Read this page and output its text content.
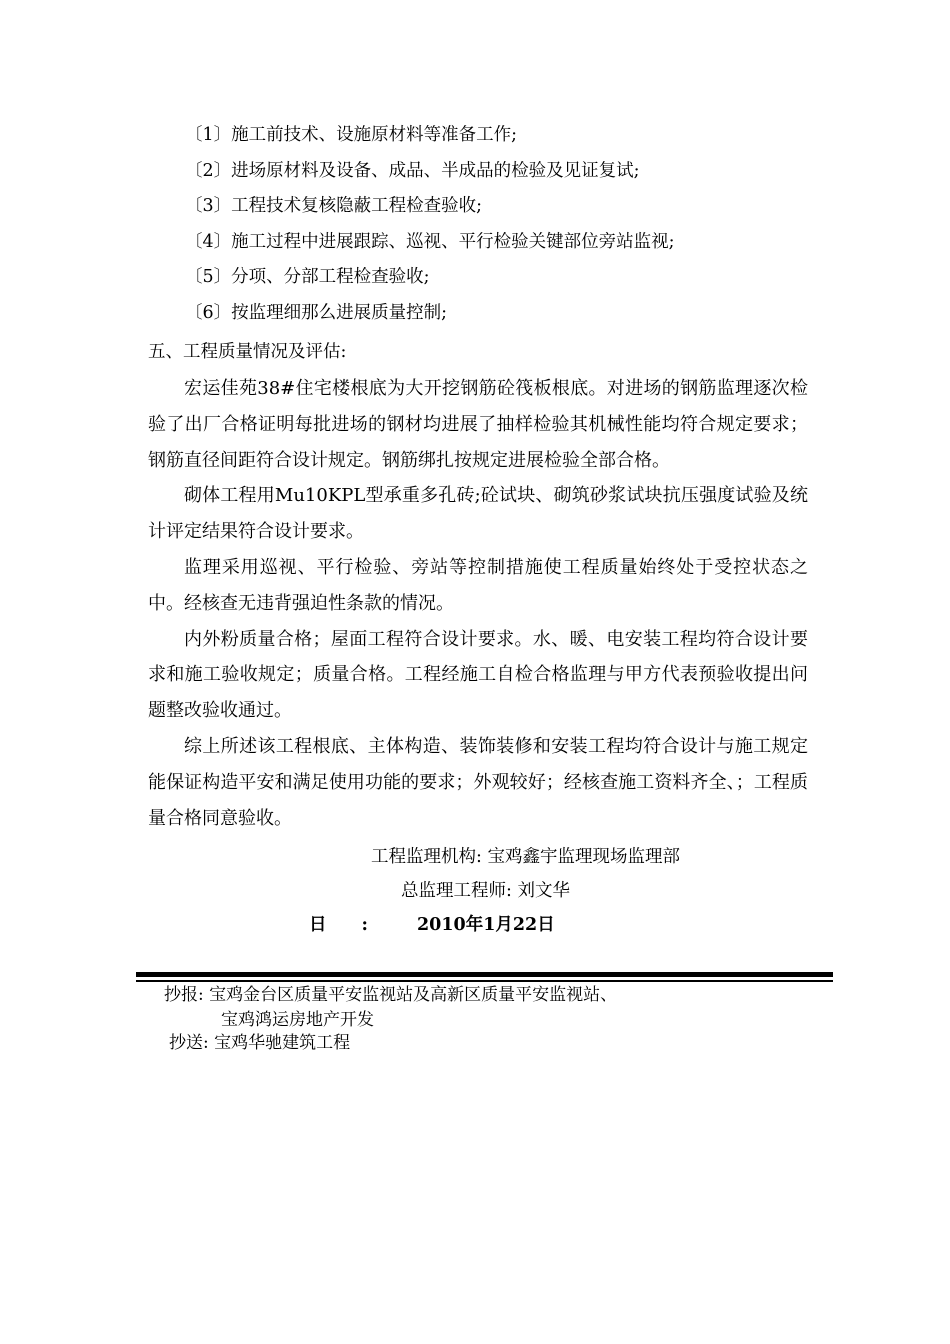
〔1〕施工前技术、设施原材料等准备工作;
〔2〕进场原材料及设备、成品、半成品的检验及见证复试;
〔3〕工程技术复核隐蔽工程检查验收;
〔4〕施工过程中进展跟踪、巡视、平行检验关键部位旁站监视;
〔5〕分项、分部工程检查验收;
〔6〕按监理细那么进展质量控制;
五、工程质量情况及评估:

宏运佳苑38#住宅楼根底为大开挖钢筋砼筏板根底。对进场的钢筋监理逐次检验了出厂合格证明每批进场的钢材均进展了抽样检验其机械性能均符合规定要求；钢筋直径间距符合设计规定。钢筋绑扎按规定进展检验全部合格。

砌体工程用Mu10KPL型承重多孔砖;砼试块、砌筑砂浆试块抗压强度试验及统计评定结果符合设计要求。

监理采用巡视、平行检验、旁站等控制措施使工程质量始终处于受控状态之中。经核查无违背强迫性条款的情况。

内外粉质量合格；屋面工程符合设计要求。水、暖、电安装工程均符合设计要求和施工验收规定；质量合格。工程经施工自检合格监理与甲方代表预验收提出问题整改验收通过。

综上所述该工程根底、主体构造、装饰装修和安装工程均符合设计与施工规定能保证构造平安和满足使用功能的要求；外观较好；经核查施工资料齐全、；工程质量合格同意验收。

工程监理机构: 宝鸡鑫宇监理现场监理部
总监理工程师: 刘文华
日　　:	2010年1月22日
抄报: 宝鸡金台区质量平安监视站及高新区质量平安监视站、
宝鸡鸿运房地产开发
抄送: 宝鸡华驰建筑工程
